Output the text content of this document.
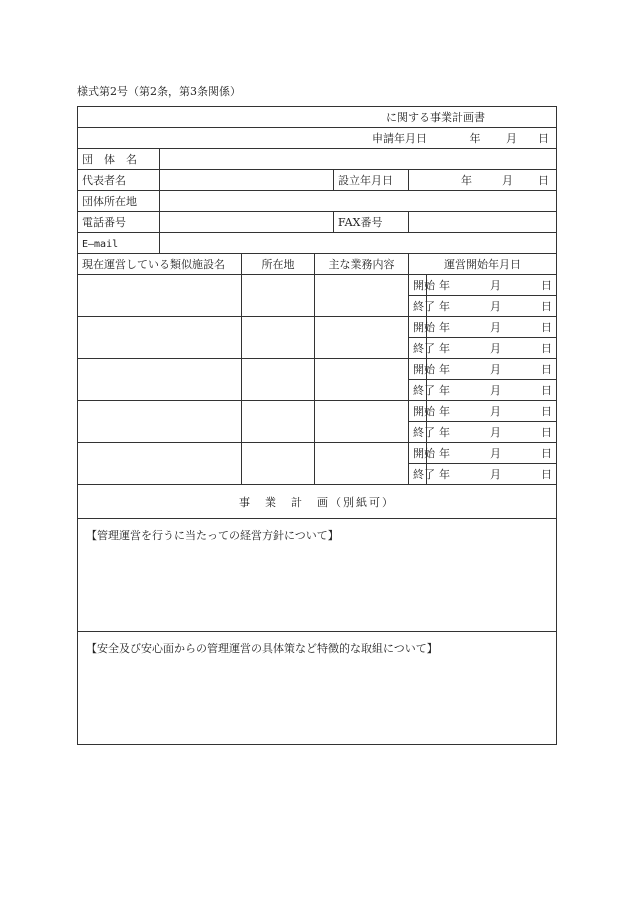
様式第2号（第2条，第3条関係）
に関する事業計画書						

申請年月日 年 月 日						

団　体　名						
代表者名				設立年月日	年 月 日	

団体所在地						
電話番号				FAX番号		
E―mail						
現在運営している類似施設名		所在地	主な業務内容		運営開始年月日	
					開始	年 月 日

					終了	年 月 日

					開始	年 月 日

					終了	年 月 日

					開始	年 月 日

					終了	年 月 日

					開始	年 月 日

					終了	年 月 日

					開始	年 月 日

					終了	年 月 日

事　業　計　画（別紙可）						

【管理運営を行うに当たっての経営方針について】						

【安全及び安心面からの管理運営の具体策など特徴的な取組について】						
